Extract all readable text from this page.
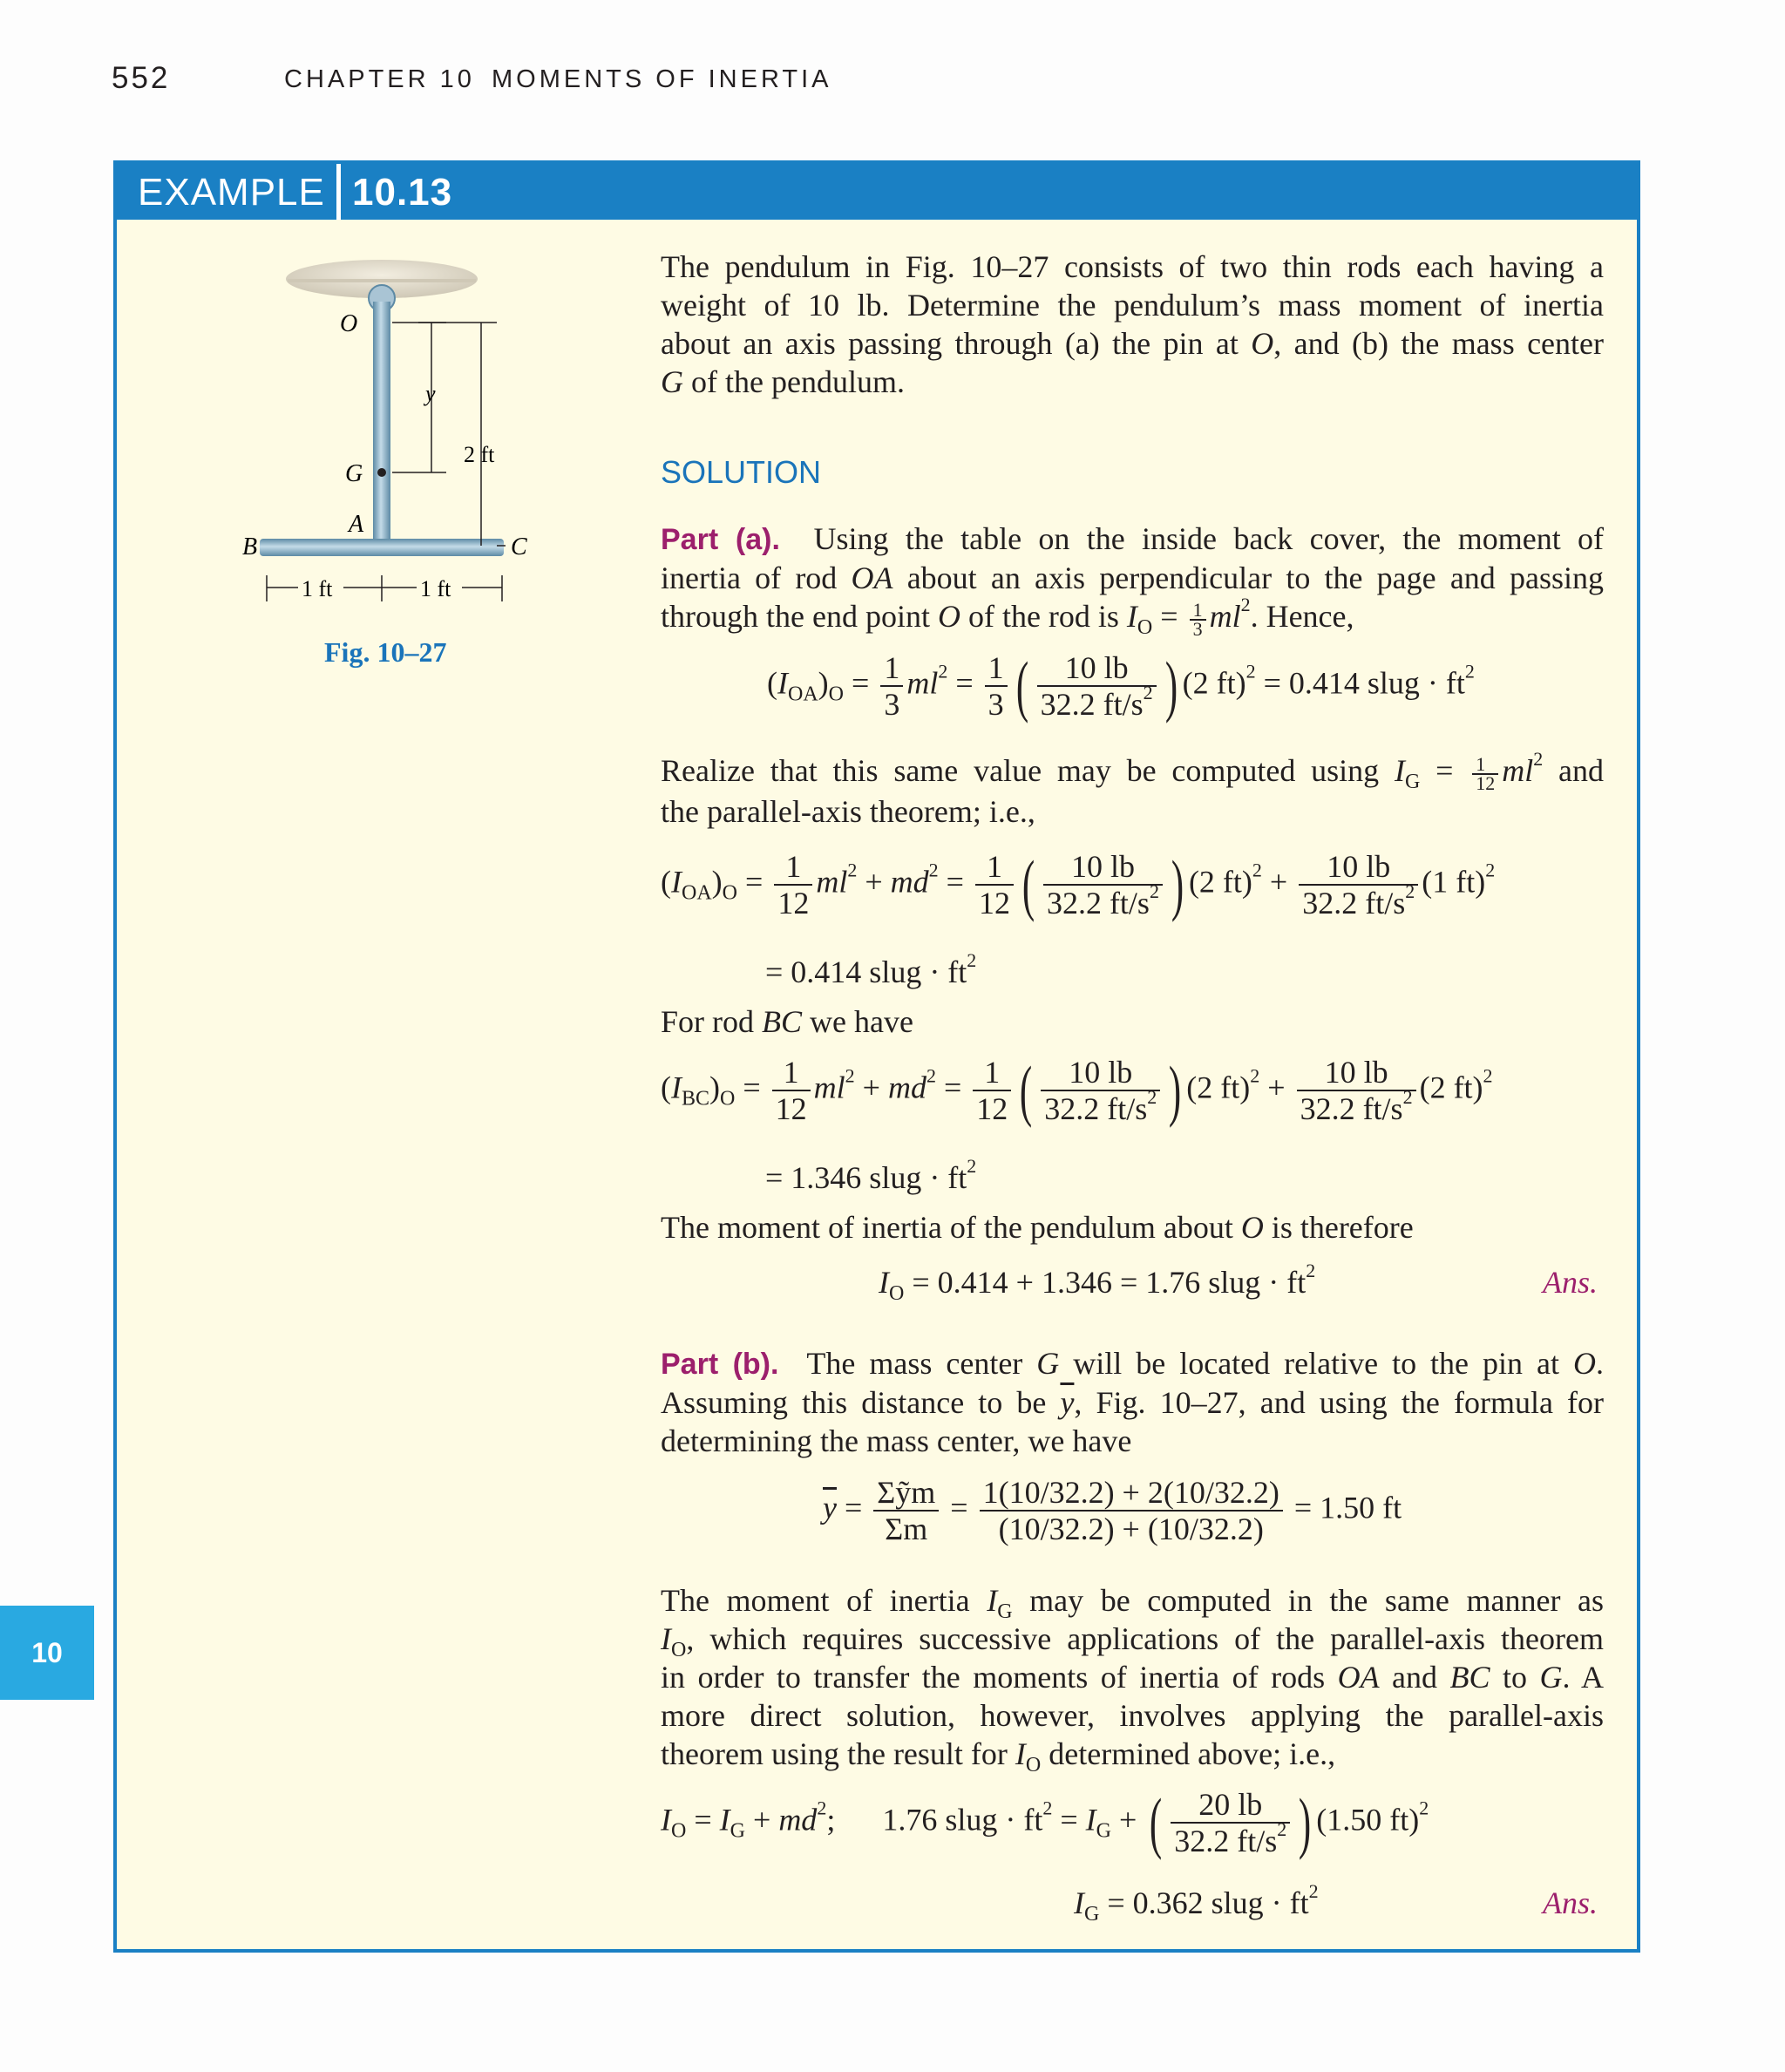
552	CHAPTER 10 MOMENTS OF INERTIA
EXAMPLE 10.13
O
y
2 ft
G
A
B	C
1 ft	1 ft
Fig. 10–27
The pendulum in Fig. 10–27 consists of two thin rods each having a
weight of 10 lb. Determine the pendulum’s mass moment of inertia
about an axis passing through (a) the pin at O, and (b) the mass center
G of the pendulum.
SOLUTION
Part (a). Using the table on the inside back cover, the moment of
inertia of rod OA about an axis perpendicular to the page and passing
through the end point O of the rod is $I_O = \frac{1}{3} ml^2$. Hence,
$(I_{OA})_O = \frac{1}{3} ml^2 = \frac{1}{3}$ ( $\frac{10 lb}{32.2 ft/s^2}$ ) (2 ft)$^2$ = 0.414 slug · $ft^2$
Realize that this same value may be computed using $I_G = \frac{1}{12} ml^2$ and
the parallel-axis theorem; i.e.,
$(I_{OA})_O = \frac{1}{12} ml^2 + md^2 = \frac{1}{12}$ ( $\frac{10 lb}{32.2 ft/s^2}$ ) (2 $ft)^2 + \frac{10 lb}{32.2 ft/s^2} (1$ ft)$^2$
= 0.414 slug · $ft^2$
For rod BC we have
$(I_{BC})_O = \frac{1}{12} ml^2 + md^2 = \frac{1}{12}$ ( $\frac{10 lb}{32.2 ft/s^2}$ ) (2 $ft)^2 + \frac{10 lb}{32.2 ft/s^2} (2$ ft)$^2$
= 1.346 slug · $ft^2$
The moment of inertia of the pendulum about O is therefore
$I_O = 0.414 + 1.346 = 1.76$ slug · $ft^2$	Ans.
Part (b). The mass center G will be located relative to the pin at O.
Assuming this distance to be $\overline{y}$, Fig. 10–27, and using the formula for
determining the mass center, we have
$\overline{y}$ = Σỹm
Σm
= $\frac{1(10/32.2) + 2(10/32.2)}{(10/32.2) + (10/32.2)} = 1.50$ ft
The moment of inertia $I_G$ may be computed in the same manner as
$I_O$, which requires successive applications of the parallel-axis theorem
in order to transfer the moments of inertia of rods OA and BC to G. A
more direct solution, however, involves applying the parallel-axis
theorem using the result for $I_O$ determined above; i.e.,
$I_O = I_G + md^2$;      1.76 slug · $ft^2 = I_G$ + ( $\frac{20 lb}{32.2 ft/s^2}$ ) (1.50 ft)$^2$
$I_G = 0.362$ slug · $ft^2$	Ans.
10
